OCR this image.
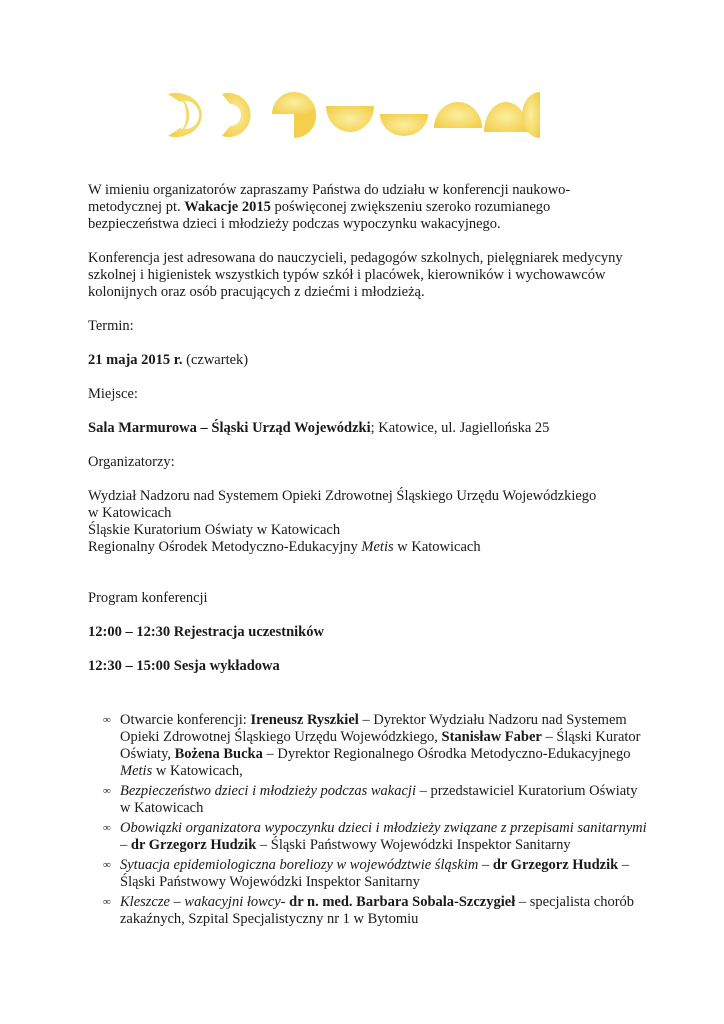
W imieniu organizatorów zapraszamy Państwa do udziału w konferencji naukowo-
metodycznej pt. Wakacje 2015 poświęconej zwiększeniu szeroko rozumianego
bezpieczeństwa dzieci i młodzieży podczas wypoczynku wakacyjnego.

Konferencja jest adresowana do nauczycieli, pedagogów szkolnych, pielęgniarek medycyny
szkolnej i higienistek wszystkich typów szkół i placówek, kierowników i wychowawców
kolonijnych oraz osób pracujących z dziećmi i młodzieżą.

Termin:

21 maja 2015 r. (czwartek)

Miejsce:

Sala Marmurowa – Śląski Urząd Wojewódzki; Katowice, ul. Jagiellońska 25

Organizatorzy:

Wydział Nadzoru nad Systemem Opieki Zdrowotnej Śląskiego Urzędu Wojewódzkiego
w Katowicach
Śląskie Kuratorium Oświaty w Katowicach
Regionalny Ośrodek Metodyczno-Edukacyjny Metis w Katowicach

Program konferencji

12:00 – 12:30 Rejestracja uczestników

12:30 – 15:00 Sesja wykładowa

∞ Otwarcie konferencji: Ireneusz Ryszkiel – Dyrektor Wydziału Nadzoru nad Systemem Opieki Zdrowotnej Śląskiego Urzędu Wojewódzkiego, Stanisław Faber – Śląski Kurator Oświaty, Bożena Bucka – Dyrektor Regionalnego Ośrodka Metodyczno-Edukacyjnego Metis w Katowicach,
∞ Bezpieczeństwo dzieci i młodzieży podczas wakacji – przedstawiciel Kuratorium Oświaty w Katowicach
∞ Obowiązki organizatora wypoczynku dzieci i młodzieży związane z przepisami sanitarnymi – dr Grzegorz Hudzik – Śląski Państwowy Wojewódzki Inspektor Sanitarny
∞ Sytuacja epidemiologiczna boreliozy w województwie śląskim – dr Grzegorz Hudzik – Śląski Państwowy Wojewódzki Inspektor Sanitarny
∞ Kleszcze – wakacyjni łowcy- dr n. med. Barbara Sobala-Szczygieł – specjalista chorób zakaźnych, Szpital Specjalistyczny nr 1 w Bytomiu
